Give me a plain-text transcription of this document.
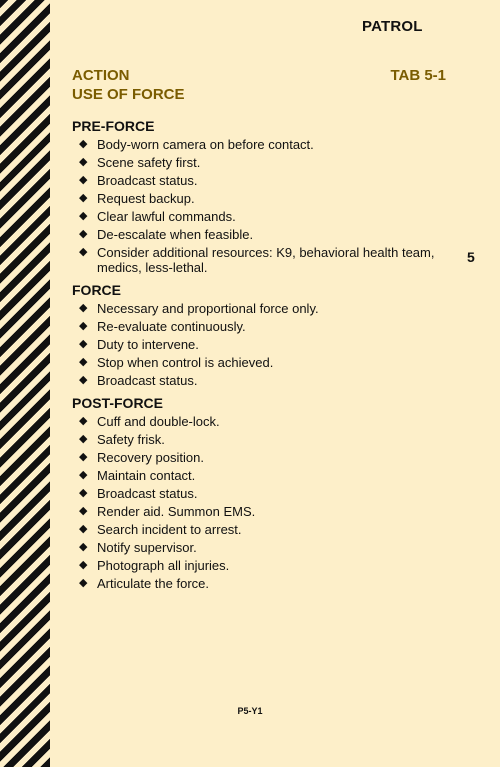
PATROL
ACTION	TAB 5-1
USE OF FORCE
5
PRE-FORCE
◆ Body-worn camera on before contact.
◆ Scene safety first.
◆ Broadcast status.
◆ Request backup.
◆ Clear lawful commands.
◆ De-escalate when feasible.
◆ Consider additional resources: K9, behavioral health team, medics, less-lethal.
FORCE
◆ Necessary and proportional force only.
◆ Re-evaluate continuously.
◆ Duty to intervene.
◆ Stop when control is achieved.
◆ Broadcast status.
POST-FORCE
◆ Cuff and double-lock.
◆ Safety frisk.
◆ Recovery position.
◆ Maintain contact.
◆ Broadcast status.
◆ Render aid. Summon EMS.
◆ Search incident to arrest.
◆ Notify supervisor.
◆ Photograph all injuries.
◆ Articulate the force.
P5-Y1
